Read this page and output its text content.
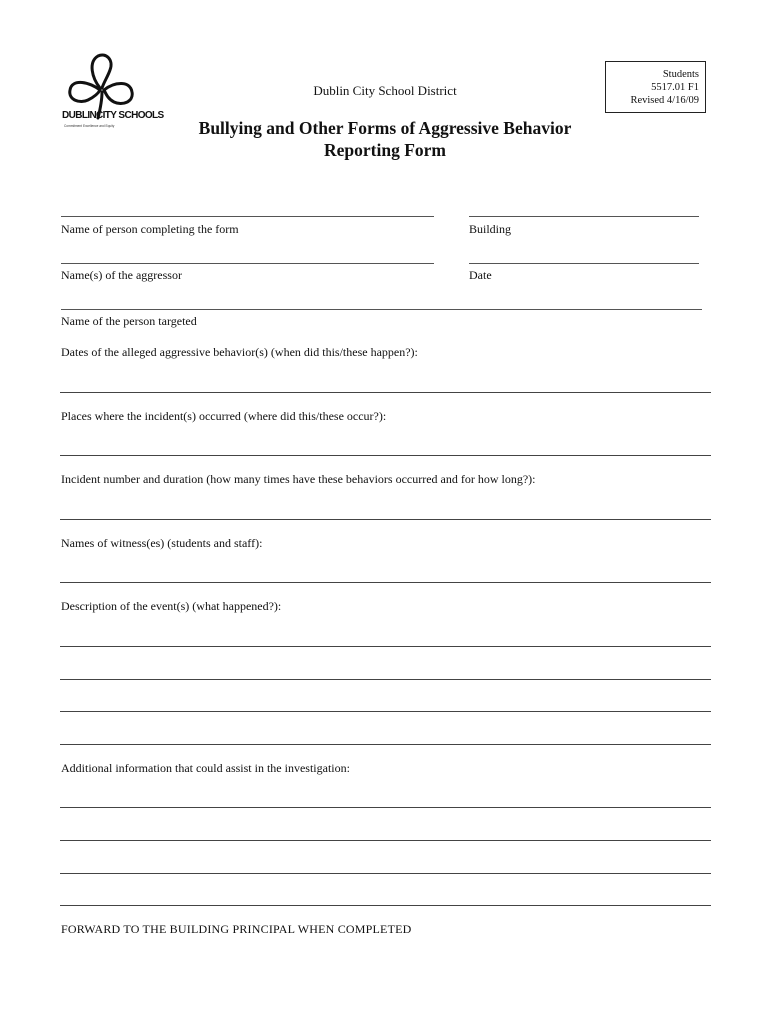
DUBLIN CITY SCHOOLS
Commitment Excellence and Equity
Dublin City School District
Students
5517.01 F1
Revised 4/16/09
Bullying and Other Forms of Aggressive Behavior
Reporting Form
Name of person completing the form	Building
Name(s) of the aggressor	Date
Name of the person targeted
Dates of the alleged aggressive behavior(s) (when did this/these happen?):
Places where the incident(s) occurred (where did this/these occur?):
Incident number and duration (how many times have these behaviors occurred and for how long?):
Names of witness(es) (students and staff):
Description of the event(s) (what happened?):
Additional information that could assist in the investigation:
FORWARD TO THE BUILDING PRINCIPAL WHEN COMPLETED
